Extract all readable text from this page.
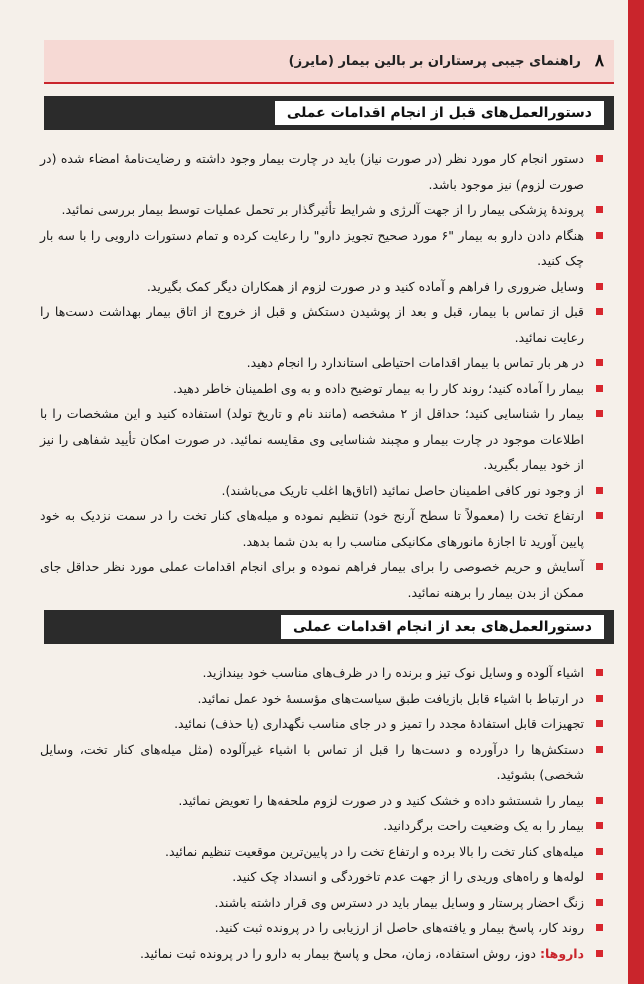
۸
راهنمای جیبی پرستاران بر بالین بیمار (مایرز)
دستورالعمل‌های قبل از انجام اقدامات عملی

دستور انجام کار مورد نظر (در صورت نیاز) باید در چارت بیمار وجود داشته و رضایت‌نامهٔ امضاء شده (در صورت لزوم) نیز موجود باشد.

پروندهٔ پزشکی بیمار را از جهت آلرژی و شرایط تأثیرگذار بر تحمل عملیات توسط بیمار بررسی نمائید.

هنگام دادن دارو به بیمار "۶ مورد صحیح تجویز دارو" را رعایت کرده و تمام دستورات دارویی را با سه بار چک کنید.

وسایل ضروری را فراهم و آماده کنید و در صورت لزوم از همکاران دیگر کمک بگیرید.

قبل از تماس با بیمار، قبل و بعد از پوشیدن دستکش و قبل از خروج از اتاق بیمار بهداشت دست‌ها را رعایت نمائید.

در هر بار تماس با بیمار اقدامات احتیاطی استاندارد را انجام دهید.

بیمار را آماده کنید؛ روند کار را به بیمار توضیح داده و به وی اطمینان خاطر دهید.

بیمار را شناسایی کنید؛ حداقل از ۲ مشخصه (مانند نام و تاریخ تولد) استفاده کنید و این مشخصات را با اطلاعات موجود در چارت بیمار و مچبند شناسایی وی مقایسه نمائید. در صورت امکان تأیید شفاهی را نیز از خود بیمار بگیرید.

از وجود نور کافی اطمینان حاصل نمائید (اتاق‌ها اغلب تاریک می‌باشند).

ارتفاع تخت را (معمولاً تا سطح آرنج خود) تنظیم نموده و میله‌های کنار تخت را در سمت نزدیک به خود پایین آورید تا اجازهٔ مانورهای مکانیکی مناسب را به بدن شما بدهد.

آسایش و حریم خصوصی را برای بیمار فراهم نموده و برای انجام اقدامات عملی مورد نظر حداقل جای ممکن از بدن بیمار را برهنه نمائید.

دستورالعمل‌های بعد از انجام اقدامات عملی

اشیاء آلوده و وسایل نوک تیز و برنده را در ظرف‌های مناسب خود بیندازید.

در ارتباط با اشیاء قابل بازیافت طبق سیاست‌های مؤسسهٔ خود عمل نمائید.

تجهیزات قابل استفادهٔ مجدد را تمیز و در جای مناسب نگهداری (یا حذف) نمائید.

دستکش‌ها را درآورده و دست‌ها را قبل از تماس با اشیاء غیرآلوده (مثل میله‌های کنار تخت، وسایل شخصی) بشوئید.

بیمار را شستشو داده و خشک کنید و در صورت لزوم ملحفه‌ها را تعویض نمائید.

بیمار را به یک وضعیت راحت برگردانید.

میله‌های کنار تخت را بالا برده و ارتفاع تخت را در پایین‌ترین موقعیت تنظیم نمائید.

لوله‌ها و راه‌های وریدی را از جهت عدم تاخوردگی و انسداد چک کنید.

زنگ احضار پرستار و وسایل بیمار باید در دسترس وی قرار داشته باشند.

روند کار، پاسخ بیمار و یافته‌های حاصل از ارزیابی را در پرونده ثبت کنید.

داروها: دوز، روش استفاده، زمان، محل و پاسخ بیمار به دارو را در پرونده ثبت نمائید.
